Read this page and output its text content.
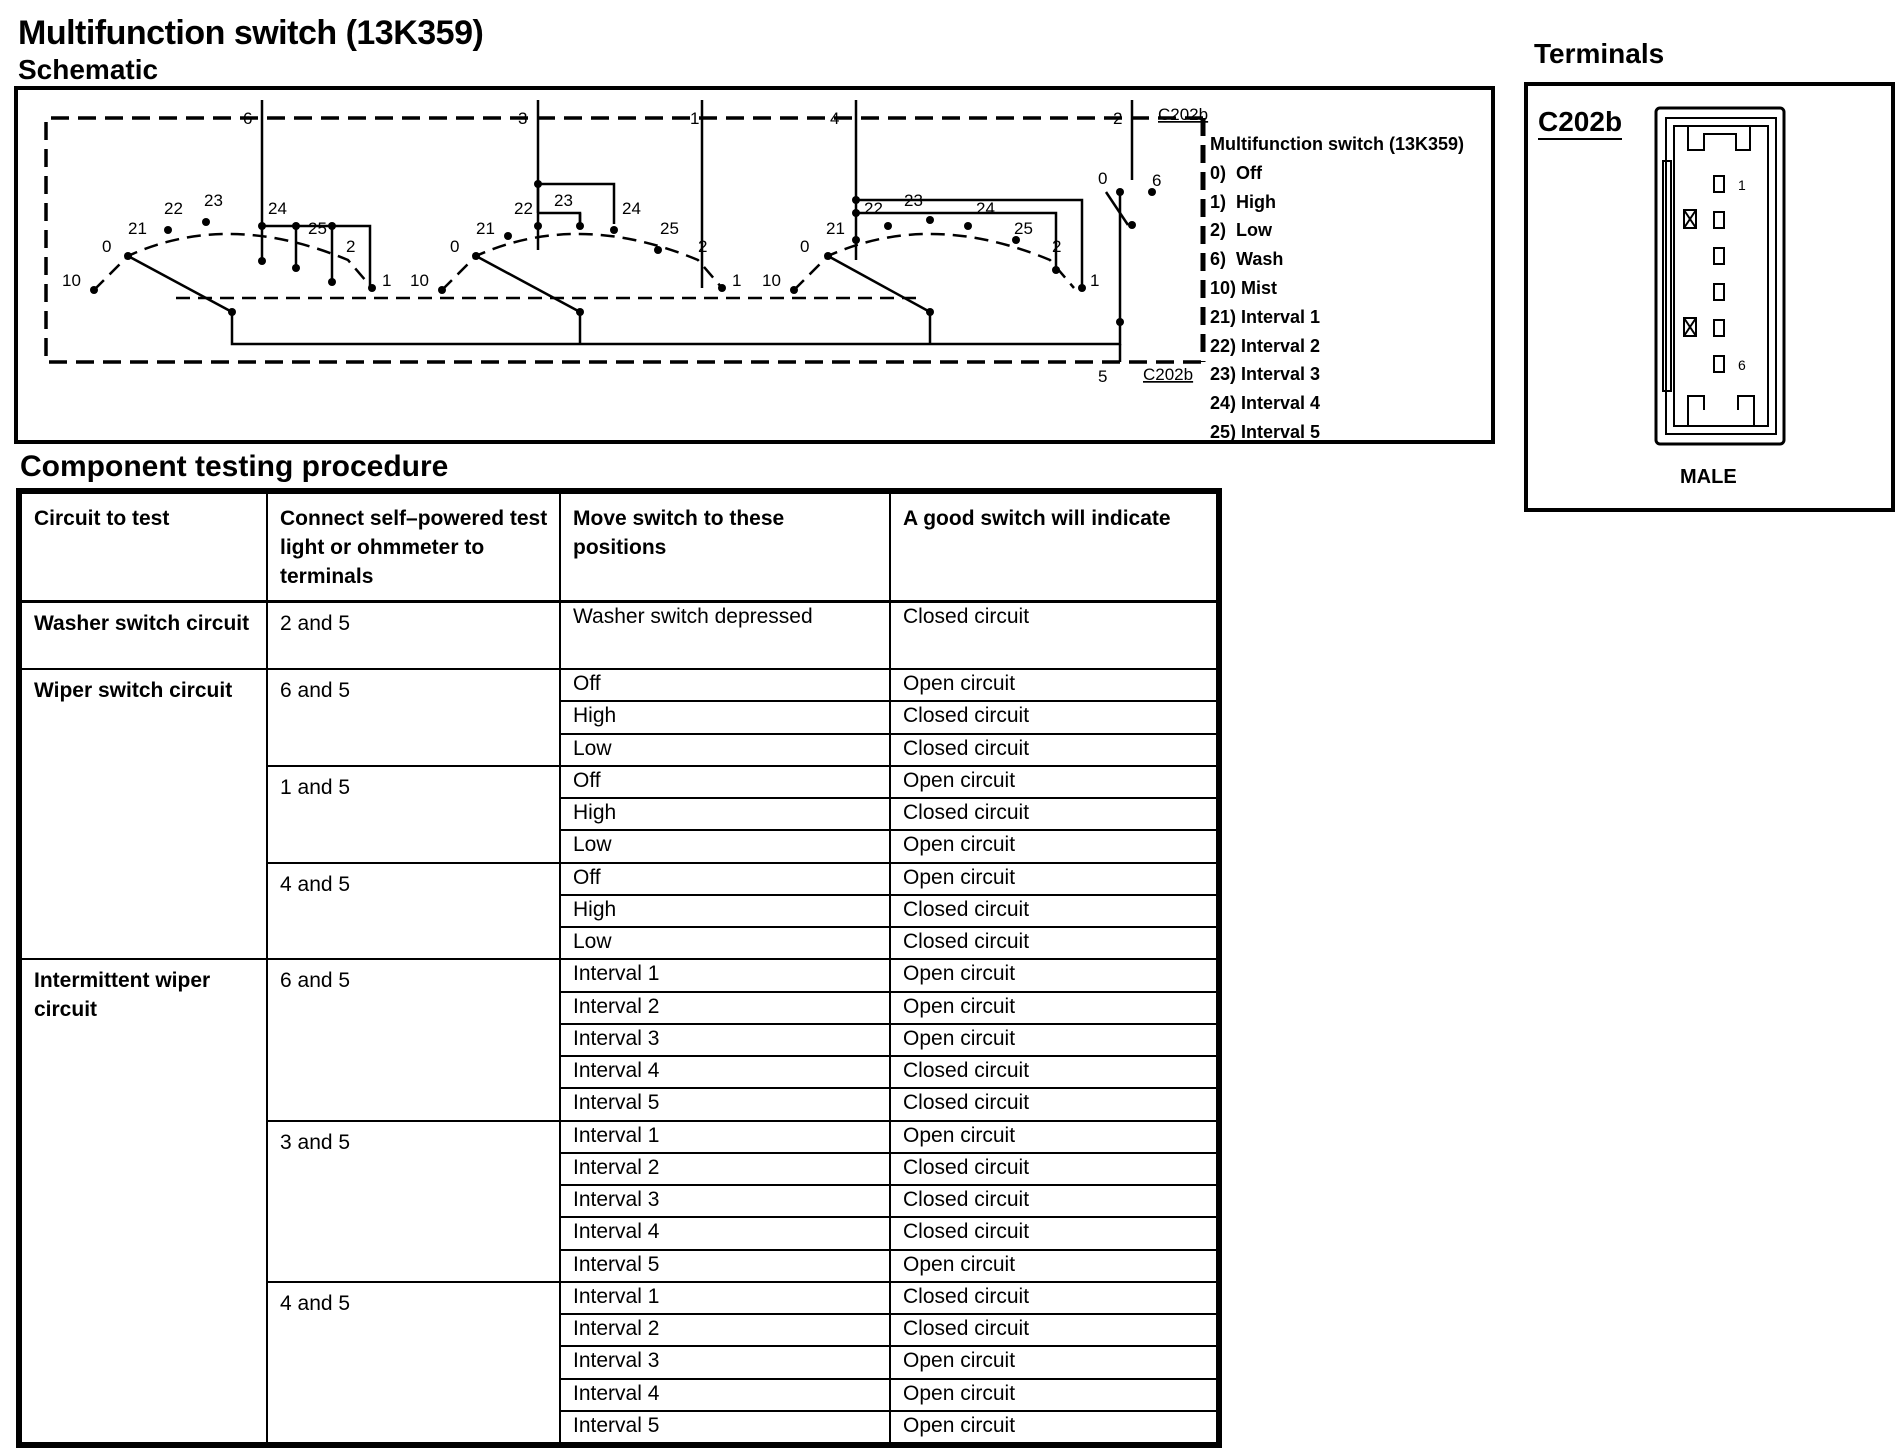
Multifunction switch (13K359)
Schematic
Terminals
Component testing procedure
6	3	1	4	2
6
5
C202b
C202b
0
10
0
21
22 23	24
25
2
1 10
0
21
22 23	24
25
2
1 10
0
21
22 23	24
25
2
1
Multifunction switch (13K359)
0)  Off
1)  High
2)  Low
6)  Wash
10) Mist
21) Interval 1
22) Interval 2
23) Interval 3
24) Interval 4
25) Interval 5
C202b
1
6
MALE
Circuit to test	Connect self–powered test light or ohmmeter to terminals	Move switch to these positions	A good switch will indicate
Washer switch circuit	2 and 5	Washer switch depressed	Closed circuit
Wiper switch circuit	6 and 5	Off	Open circuit
		High	Closed circuit
		Low	Closed circuit
	1 and 5	Off	Open circuit
		High	Closed circuit
		Low	Open circuit
	4 and 5	Off	Open circuit
		High	Closed circuit
		Low	Closed circuit
Intermittent wiper circuit	6 and 5	Interval 1	Open circuit
		Interval 2	Open circuit
		Interval 3	Open circuit
		Interval 4	Closed circuit
		Interval 5	Closed circuit
	3 and 5	Interval 1	Open circuit
		Interval 2	Closed circuit
		Interval 3	Closed circuit
		Interval 4	Closed circuit
		Interval 5	Open circuit
	4 and 5	Interval 1	Closed circuit
		Interval 2	Closed circuit
		Interval 3	Open circuit
		Interval 4	Open circuit
		Interval 5	Open circuit
